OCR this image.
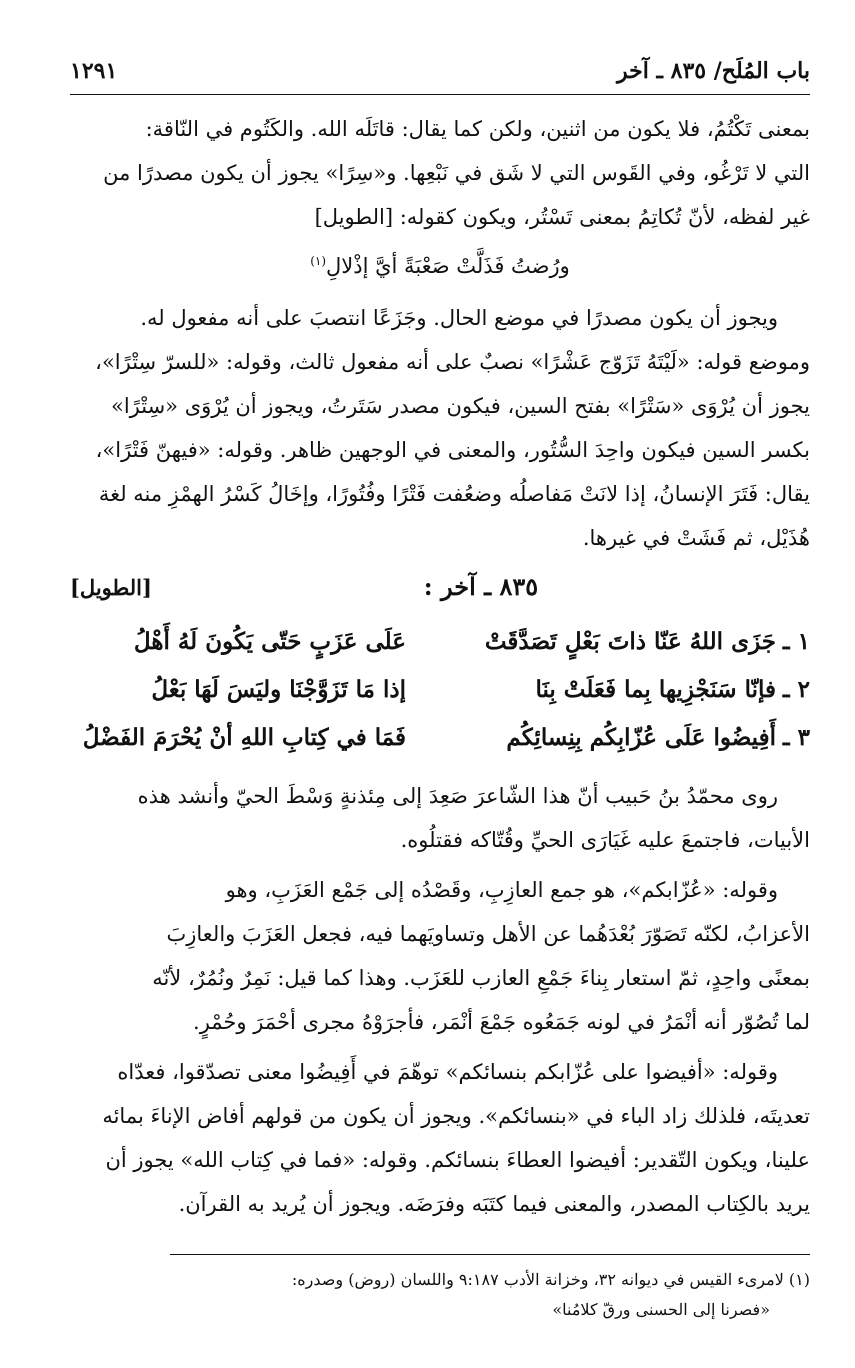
باب المُلَح/ ٨٣٥ ـ آخر
١٢٩١

بمعنى تَكْتُمُ، فلا يكون من اثنين، ولكن كما يقال: قاتَلَه الله. والكَتُوم في النّاقة:

التي لا تَرْغُو، وفي القَوس التي لا شَق في نَبْعِها. و«سِرًا» يجوز أن يكون مصدرًا من

غير لفظه، لأنّ تُكاتِمُ بمعنى تَسْتُر، ويكون كقوله: [الطويل]

ورُضتُ فَذَلَّتْ صَعْبَةً أيَّ إذْلالِ$^{(١)}$

ويجوز أن يكون مصدرًا في موضع الحال. وجَزَعًا انتصبَ على أنه مفعول له.

وموضع قوله: «لَيْتَهُ تَزَوّج عَشْرًا» نصبٌ على أنه مفعول ثالث، وقوله: «للسرّ سِتْرًا»،

يجوز أن يُرْوَى «سَتْرًا» بفتح السين، فيكون مصدر سَتَرتُ، ويجوز أن يُرْوَى «سِتْرًا»

بكسر السين فيكون واحِدَ السُّتُور، والمعنى في الوجهين ظاهر. وقوله: «فيهنّ فَتْرًا»،

يقال: فَتَرَ الإنسانُ، إذا لانَتْ مَفاصلُه وضعُفت فَتْرًا وفُتُورًا، وإخَالُ كَسْرُ الهمْزِ منه لغة

هُذَيْل، ثم فَشَتْ في غيرها.

٨٣٥ ـ آخر :
[الطويل]
١ ـ
جَزَى اللهُ عَنّا ذاتَ بَعْلٍ تَصَدَّقَتْ
عَلَى عَزَبٍ حَتّى يَكُونَ لَهُ أَهْلُ
٢ ـ
فإنّا سَنَجْزِيها بِما فَعَلَتْ بِنَا
إذا مَا تَزَوَّجْنَا وليَسَ لَهَا بَعْلُ
٣ ـ
أَفِيضُوا عَلَى عُزّابِكُم بِنِسائِكُم
فَمَا في كِتابِ اللهِ أنْ يُحْرَمَ الفَضْلُ

روى محمّدُ بنُ حَبيب أنّ هذا الشّاعرَ صَعِدَ إلى مِئذنةٍ وَسْطَ الحيّ وأنشد هذه

الأبيات، فاجتمعَ عليه غَيَارَى الحيِّ وقُتّاكه فقتلُوه.

وقوله: «عُزّابكم»، هو جمع العازِبِ، وقَصْدُه إلى جَمْع العَزَبِ، وهو

الأعزابُ، لكنّه تَصَوّرَ بُعْدَهُما عن الأهل وتساويَهما فيه، فجعل العَزَبَ والعازِبَ

بمعنًى واحِدٍ، ثمّ استعار بِناءَ جَمْعِ العازب للعَزَب. وهذا كما قيل: نَمِرٌ ونُمُرٌ، لأنّه

لما تُصُوّر أنه أنْمَرُ في لونه جَمَعُوه جَمْعَ أنْمَر، فأجرَوْهُ مجرى أحْمَرَ وحُمْرٍ.

وقوله: «أفيضوا على عُزّابكم بنسائكم» توهّمَ في أَفِيضُوا معنى تصدّقوا، فعدّاه

تعديتَه، فلذلك زاد الباء في «بنسائكم». ويجوز أن يكون من قولهم أفاض الإناءَ بمائه

علينا، ويكون التّقدير: أفيضوا العطاءَ بنسائكم. وقوله: «فما في كِتاب الله» يجوز أن

يريد بالكِتاب المصدر، والمعنى فيما كتَبَه وفرَضَه. ويجوز أن يُريد به القرآن.

(١) لامرىء القيس في ديوانه ٣٢، وخزانة الأدب ٩:١٨٧ واللسان (روض) وصدره:

«فصرنا إلى الحسنى ورقّ كلامُنا»
